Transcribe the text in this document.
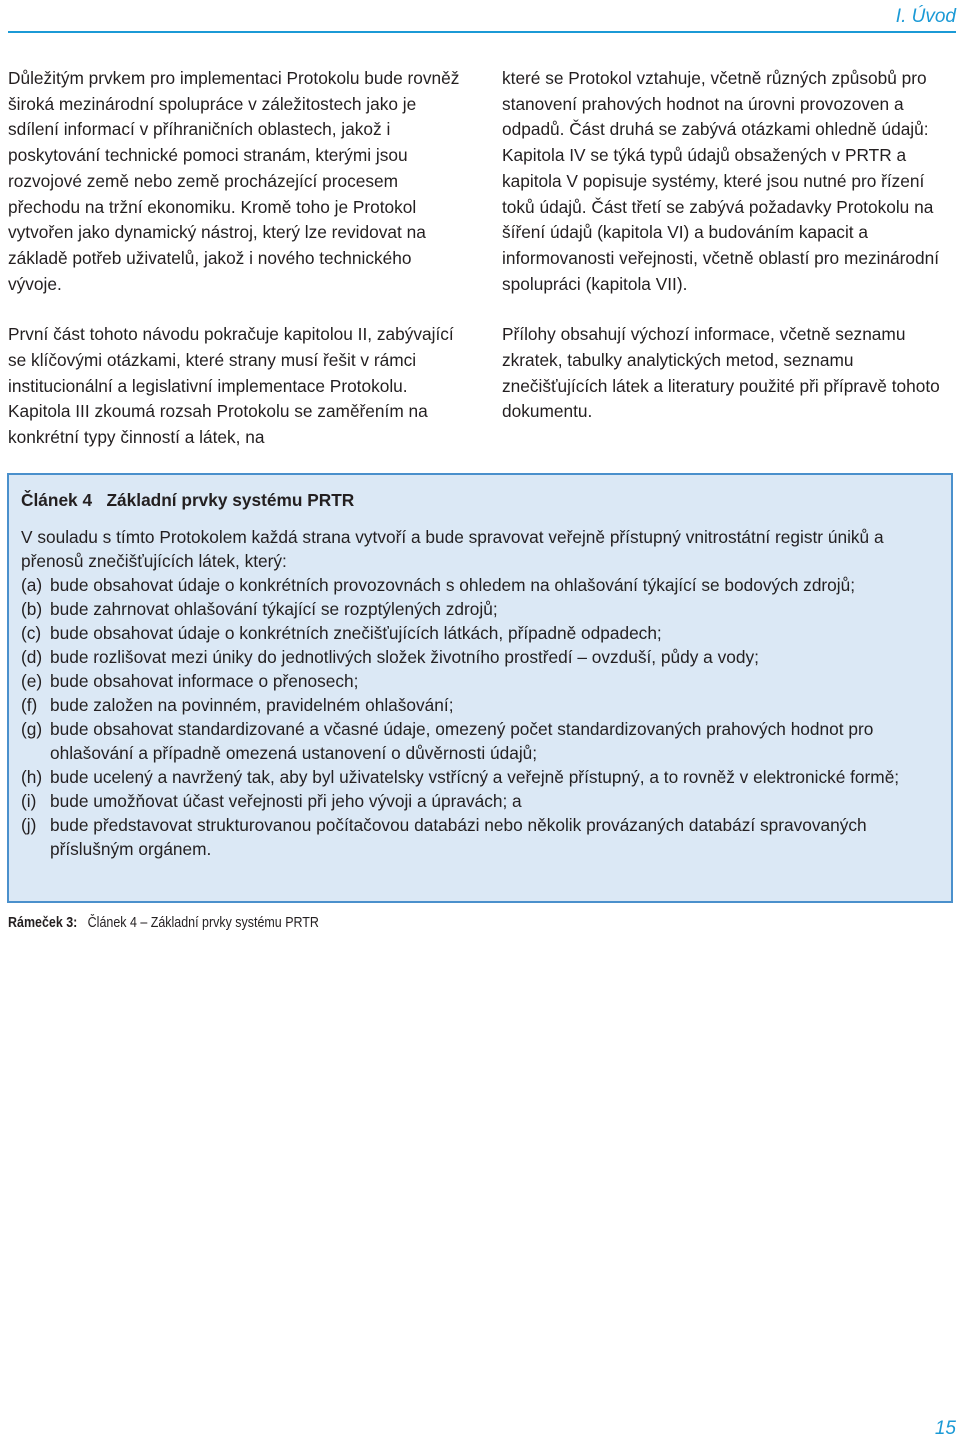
I. Úvod

Důležitým prvkem pro implementaci Protokolu bude rovněž široká mezinárodní spolupráce v záležitostech jako je sdílení informací v příhraničních oblastech, jakož i poskytování technické pomoci stranám, kterými jsou rozvojové země nebo země procházející procesem přechodu na tržní ekonomiku. Kromě toho je Protokol vytvořen jako dynamický nástroj, který lze revidovat na základě potřeb uživatelů, jakož i nového technického vývoje.

První část tohoto návodu pokračuje kapitolou II, zabývající se klíčovými otázkami, které strany musí řešit v rámci institucionální a legislativní implementace Protokolu. Kapitola III zkoumá rozsah Protokolu se zaměřením na konkrétní typy činností a látek, na

které se Protokol vztahuje, včetně různých způsobů pro stanovení prahových hodnot na úrovni provozoven a odpadů. Část druhá se zabývá otázkami ohledně údajů: Kapitola IV se týká typů údajů obsažených v PRTR a kapitola V popisuje systémy, které jsou nutné pro řízení toků údajů. Část třetí se zabývá požadavky Protokolu na šíření údajů (kapitola VI) a budováním kapacit a informovanosti veřejnosti, včetně oblastí pro mezinárodní spolupráci (kapitola VII).

Přílohy obsahují výchozí informace, včetně seznamu zkratek, tabulky analytických metod, seznamu znečišťujících látek a literatury použité při přípravě tohoto dokumentu.

Článek 4   Základní prvky systému PRTR
V souladu s tímto Protokolem každá strana vytvoří a bude spravovat veřejně přístupný vnitrostátní registr úniků a přenosů znečišťujících látek, který:
(a) bude obsahovat údaje o konkrétních provozovnách s ohledem na ohlašování týkající se bodových zdrojů;
(b) bude zahrnovat ohlašování týkající se rozptýlených zdrojů;
(c) bude obsahovat údaje o konkrétních znečišťujících látkách, případně odpadech;
(d) bude rozlišovat mezi úniky do jednotlivých složek životního prostředí – ovzduší, půdy a vody;
(e) bude obsahovat informace o přenosech;
(f) bude založen na povinném, pravidelném ohlašování;
(g) bude obsahovat standardizované a včasné údaje, omezený počet standardizovaných prahových hodnot pro ohlašování a případně omezená ustanovení o důvěrnosti údajů;
(h) bude ucelený a navržený tak, aby byl uživatelsky vstřícný a veřejně přístupný, a to rovněž v elektronické formě;
(i) bude umožňovat účast veřejnosti při jeho vývoji a úpravách; a
(j) bude představovat strukturovanou počítačovou databázi nebo několik provázaných databází spravovaných příslušným orgánem.
Rámeček 3: Článek 4 – Základní prvky systému PRTR
15
